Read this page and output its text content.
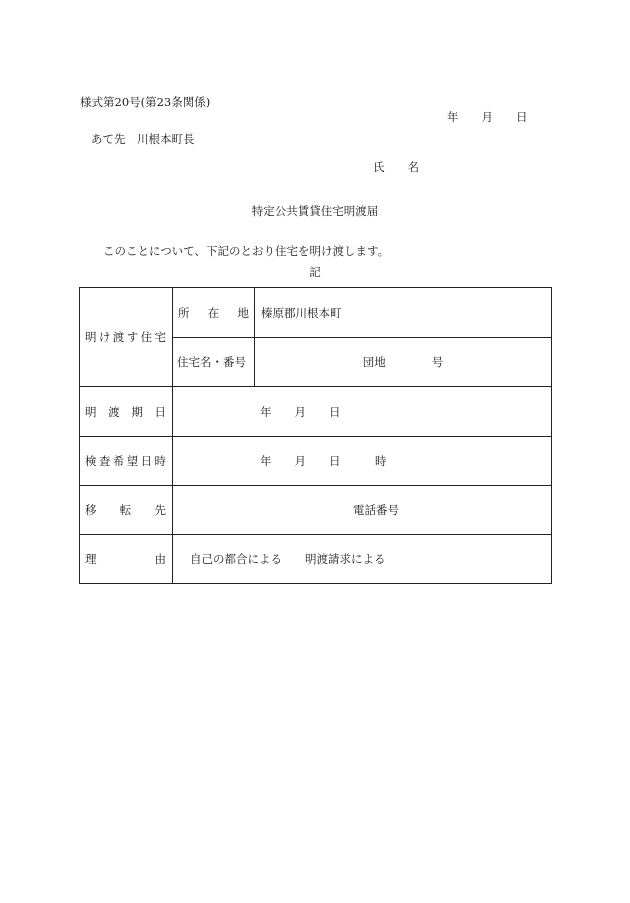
様式第20号(第23条関係)
年　　月　　日
あて先　川根本町長
氏　　名
特定公共賃貸住宅明渡届
このことについて、下記のとおり住宅を明け渡します。
記
明け渡す住宅	所　在　地	榛原郡川根本町
	住宅名・番号	団地　　　　号
明　渡　期　日	年　　月　　日	
検査希望日時	年　　月　　日　　　時	
移　　転　　先	電話番号	
理　　　　由	自己の都合による 明渡請求による	
